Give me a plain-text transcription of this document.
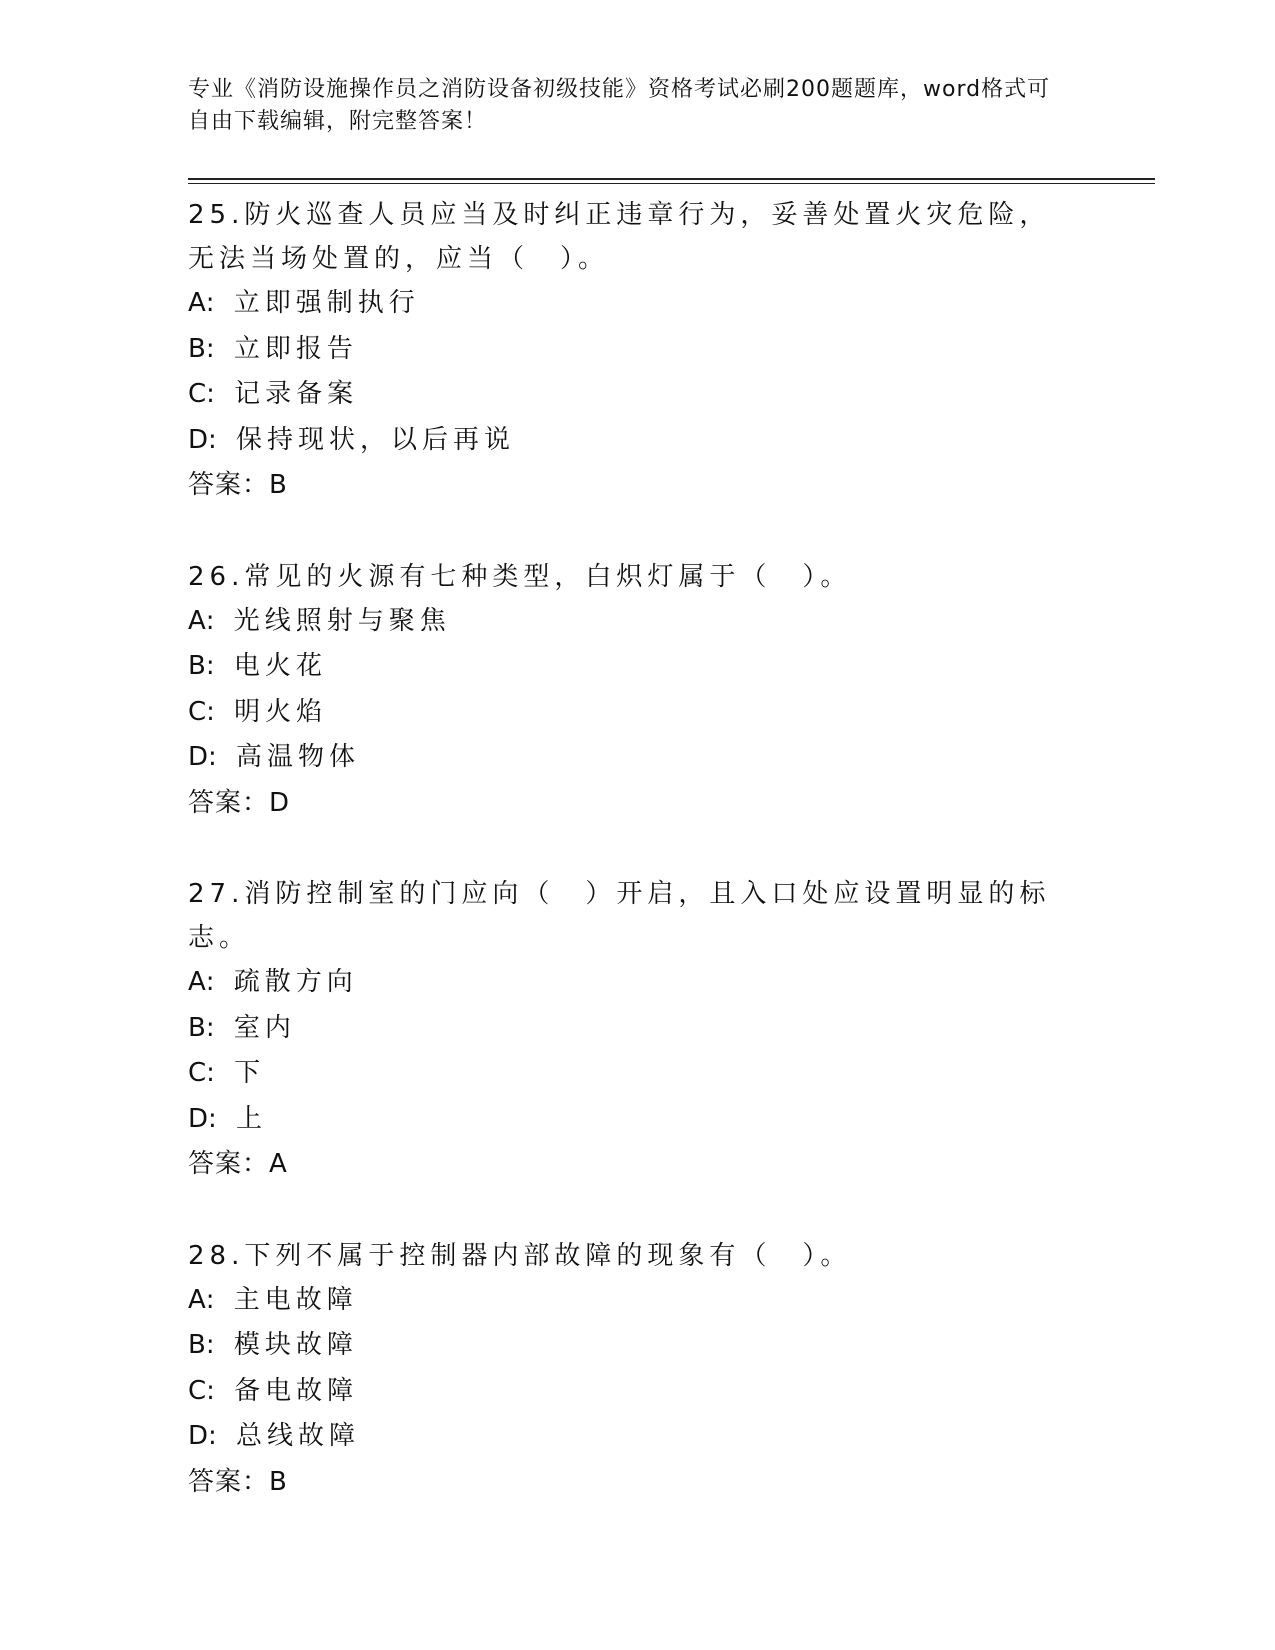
专业《消防设施操作员之消防设备初级技能》资格考试必刷200题题库，word格式可自由下载编辑，附完整答案！

25.防火巡查人员应当及时纠正违章行为，妥善处置火灾危险，无法当场处置的，应当（　）。

A: 立即强制执行

B: 立即报告

C: 记录备案

D: 保持现状，以后再说

答案：B

26.常见的火源有七种类型，白炽灯属于（　）。

A: 光线照射与聚焦

B: 电火花

C: 明火焰

D: 高温物体

答案：D

27.消防控制室的门应向（　）开启，且入口处应设置明显的标志。

A: 疏散方向

B: 室内

C: 下

D: 上

答案：A

28.下列不属于控制器内部故障的现象有（　）。

A: 主电故障

B: 模块故障

C: 备电故障

D: 总线故障

答案：B
